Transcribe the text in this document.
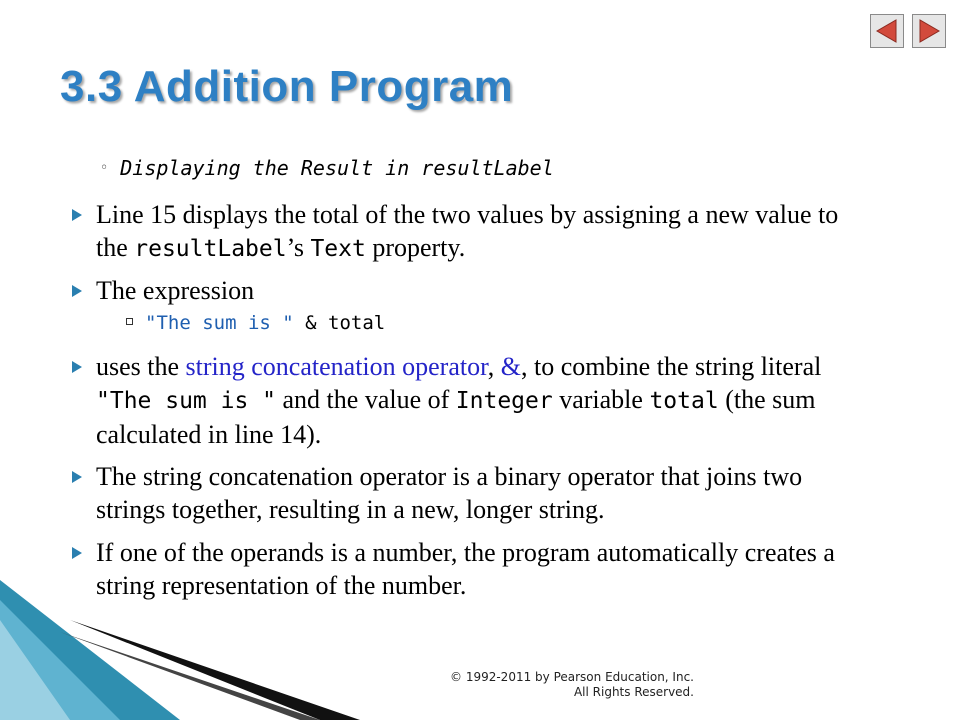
3.3 Addition Program
◦ Displaying the Result in resultLabel
Line 15 displays the total of the two values by assigning a new value to the resultLabel’s Text property.
The expression
"The sum is " & total
uses the string concatenation operator, &, to combine the string literal "The sum is " and the value of Integer variable total (the sum calculated in line 14).
The string concatenation operator is a binary operator that joins two strings together, resulting in a new, longer string.
If one of the operands is a number, the program automatically creates a string representation of the number.
© 1992-2011 by Pearson Education, Inc.
All Rights Reserved.
